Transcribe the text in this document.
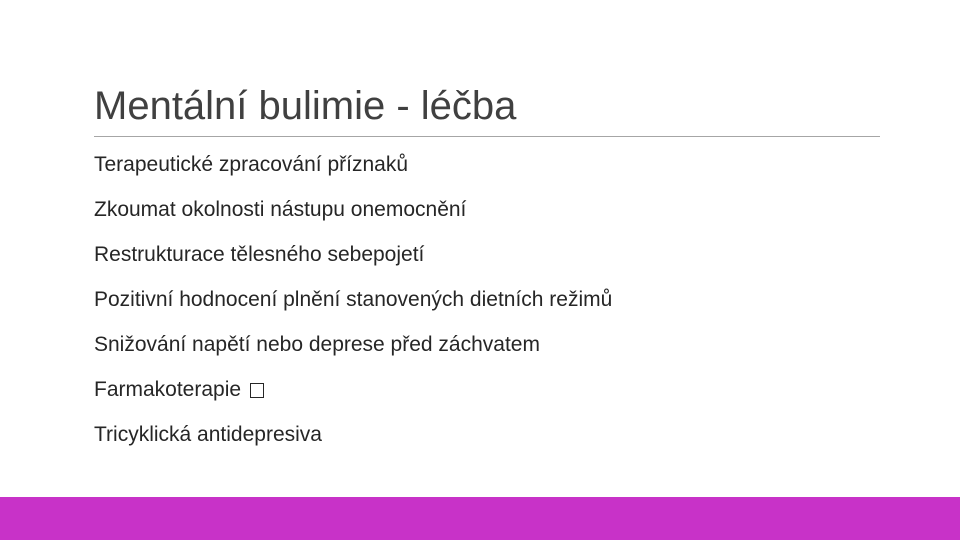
Mentální bulimie - léčba
Terapeutické zpracování příznaků
Zkoumat okolnosti nástupu onemocnění
Restrukturace tělesného sebepojetí
Pozitivní hodnocení plnění stanovených dietních režimů
Snižování napětí nebo deprese před záchvatem
Farmakoterapie
Tricyklická antidepresiva
